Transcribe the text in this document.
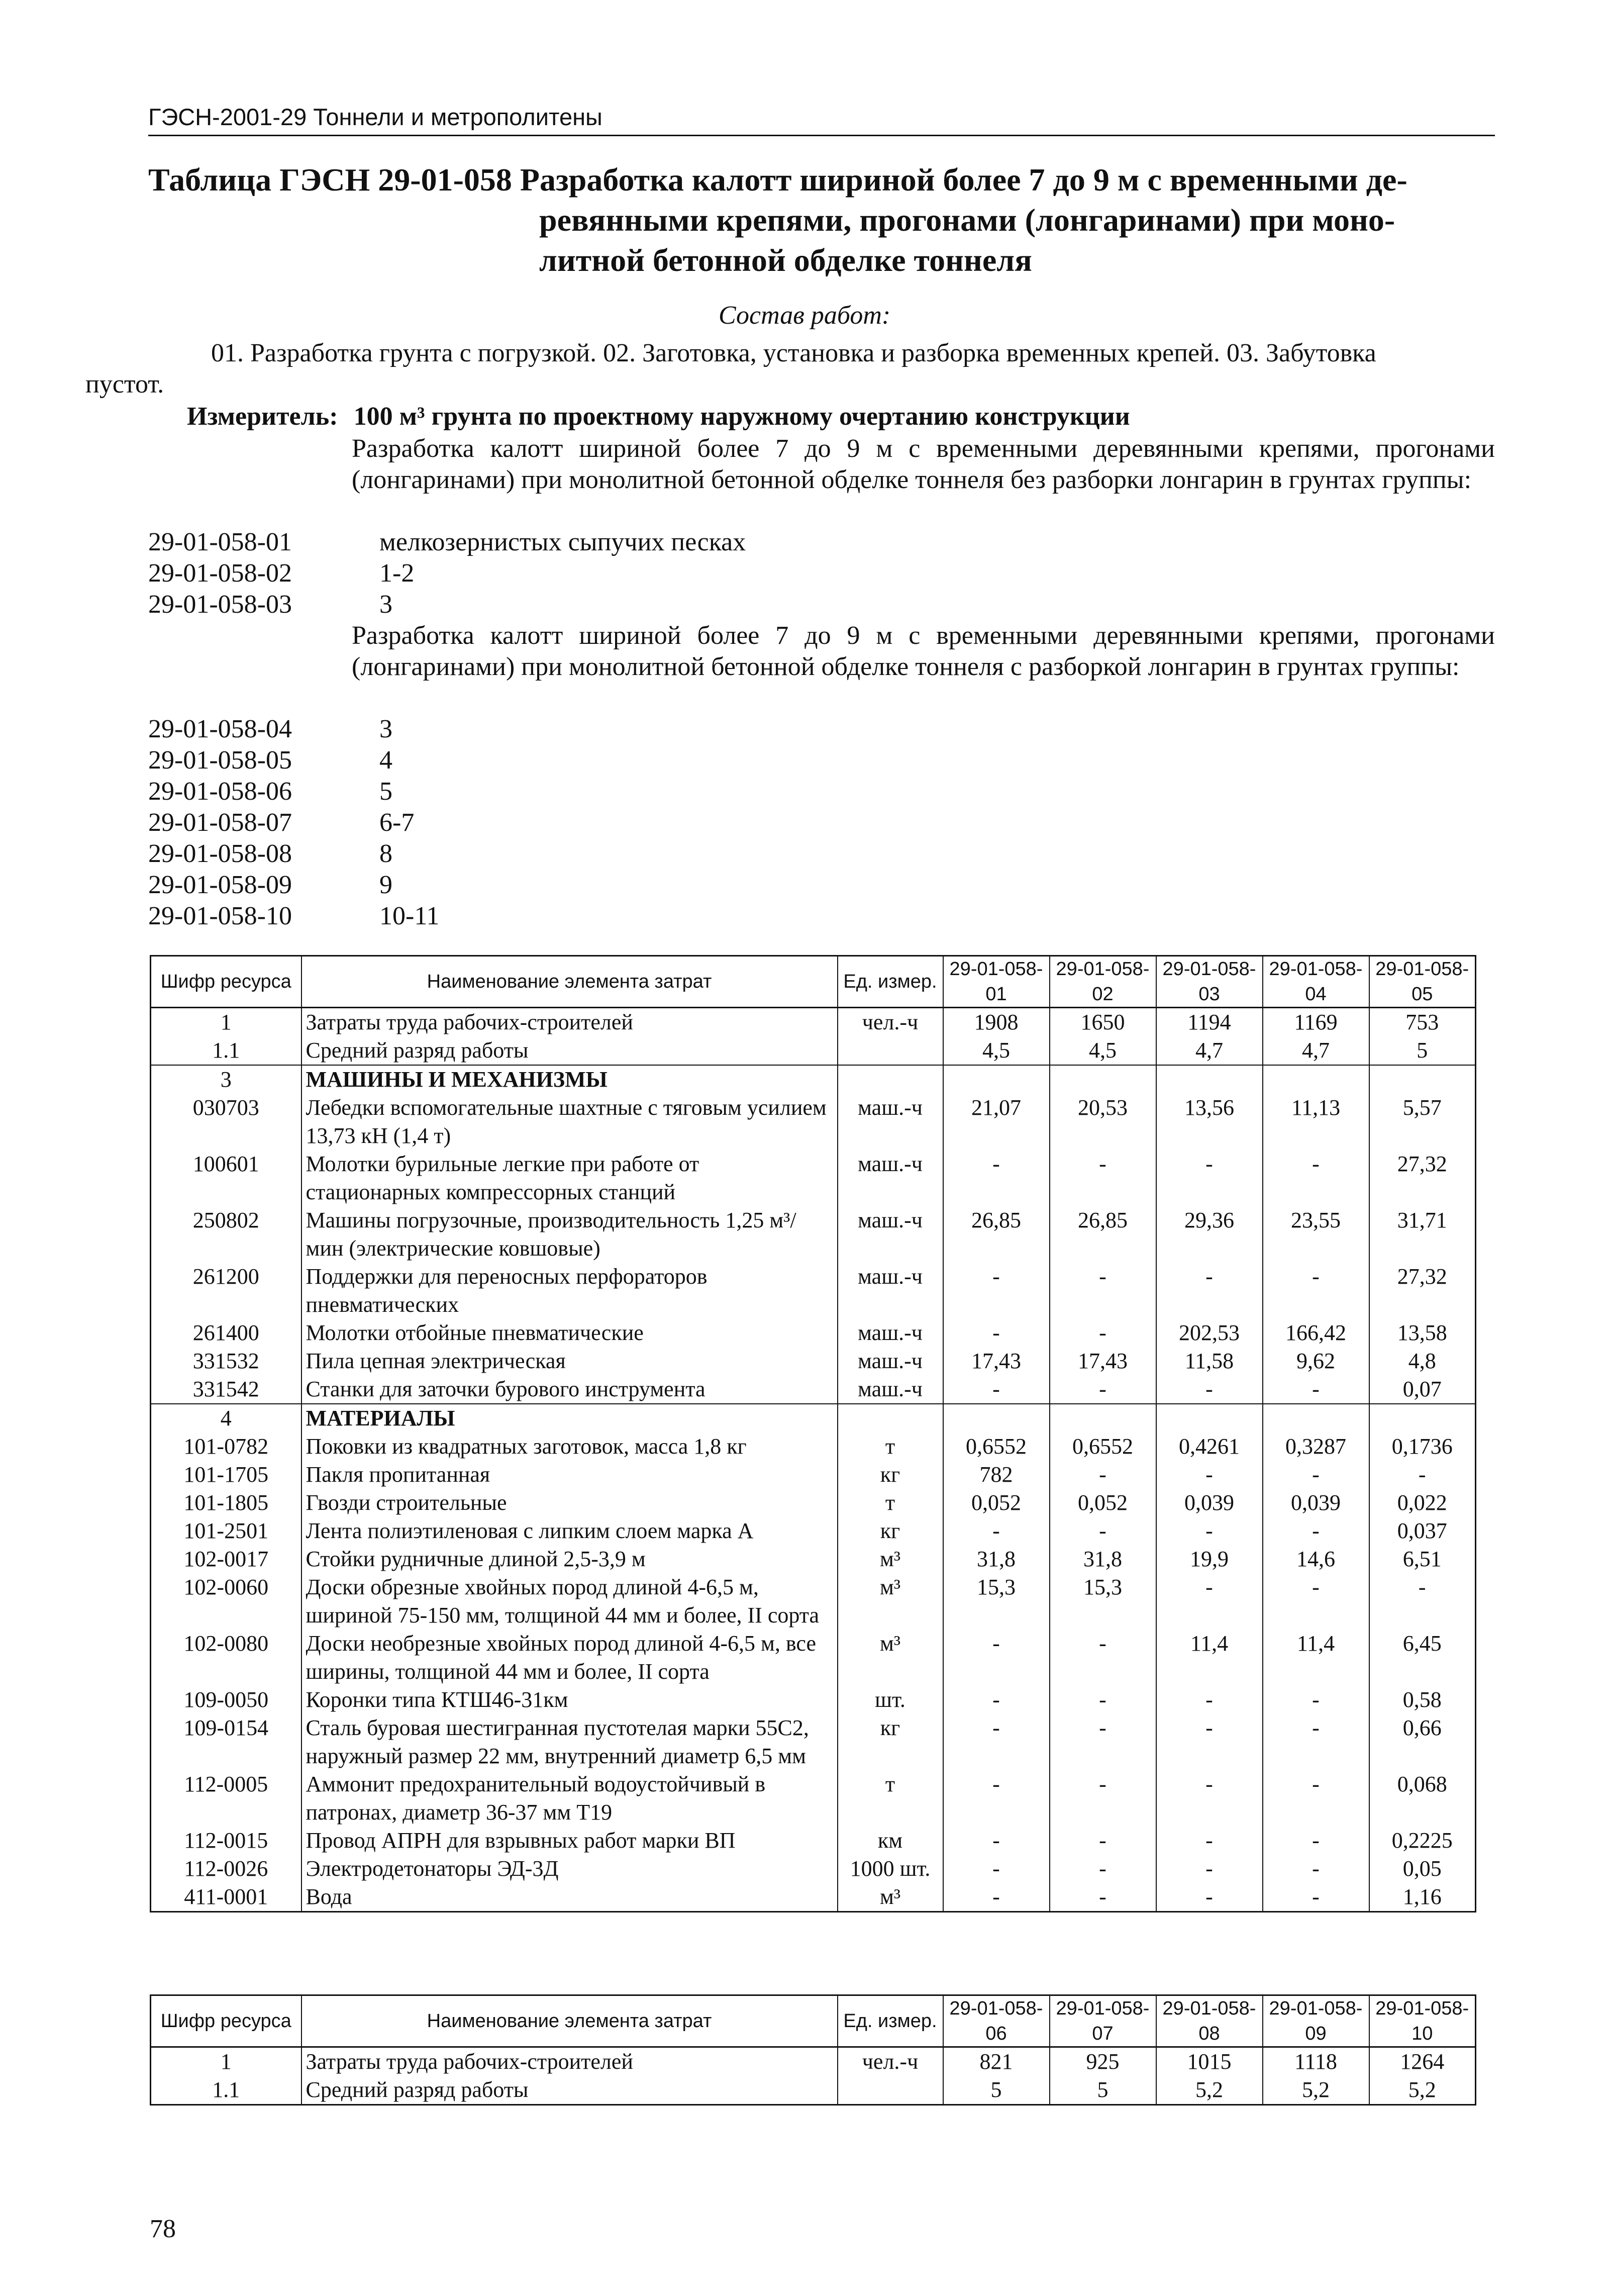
ГЭСН-2001-29 Тоннели и метрополитены
Таблица ГЭСН 29-01-058 Разработка калотт шириной более 7 до 9 м с временными де-
ревянными крепями, прогонами (лонгаринами) при моно-
литной бетонной обделке тоннеля
Состав работ:
01. Разработка грунта с погрузкой. 02. Заготовка, установка и разборка временных крепей. 03. Забутовка
пустот.
Измеритель: 100 м³ грунта по проектному наружному очертанию конструкции
Разработка калотт шириной более 7 до 9 м с временными деревянными крепями, прогонами (лонгаринами) при монолитной бетонной обделке тоннеля без разборки лонгарин в грунтах группы:
29-01-058-01	мелкозернистых сыпучих песках
29-01-058-02	1-2
29-01-058-03	3
Разработка калотт шириной более 7 до 9 м с временными деревянными крепями, прогонами (лонгаринами) при монолитной бетонной обделке тоннеля с разборкой лонгарин в грунтах группы:
29-01-058-04	3
29-01-058-05	4
29-01-058-06	5
29-01-058-07	6-7
29-01-058-08	8
29-01-058-09	9
29-01-058-10	10-11
Шифр ресурса	Наименование элемента затрат	Ед. измер.	29-01-058-01	29-01-058-02	29-01-058-03	29-01-058-04	29-01-058-05
1	Затраты труда рабочих-строителей	чел.-ч	1908	1650	1194	1169	753
1.1	Средний разряд работы		4,5	4,5	4,7	4,7	5
3	МАШИНЫ И МЕХАНИЗМЫ						
030703	Лебедки вспомогательные шахтные с тяговым усилием 13,73 кН (1,4 т)	маш.-ч	21,07	20,53	13,56	11,13	5,57
100601	Молотки бурильные легкие при работе от стационарных компрессорных станций	маш.-ч	-	-	-	-	27,32
250802	Машины погрузочные, производительность 1,25 м³/мин (электрические ковшовые)	маш.-ч	26,85	26,85	29,36	23,55	31,71
261200	Поддержки для переносных перфораторов пневматических	маш.-ч	-	-	-	-	27,32
261400	Молотки отбойные пневматические	маш.-ч	-	-	202,53	166,42	13,58
331532	Пила цепная электрическая	маш.-ч	17,43	17,43	11,58	9,62	4,8
331542	Станки для заточки бурового инструмента	маш.-ч	-	-	-	-	0,07
4	МАТЕРИАЛЫ						
101-0782	Поковки из квадратных заготовок, масса 1,8 кг	т	0,6552	0,6552	0,4261	0,3287	0,1736
101-1705	Пакля пропитанная	кг	782	-	-	-	-
101-1805	Гвозди строительные	т	0,052	0,052	0,039	0,039	0,022
101-2501	Лента полиэтиленовая с липким слоем марка А	кг	-	-	-	-	0,037
102-0017	Стойки рудничные длиной 2,5-3,9 м	м³	31,8	31,8	19,9	14,6	6,51
102-0060	Доски обрезные хвойных пород длиной 4-6,5 м, шириной 75-150 мм, толщиной 44 мм и более, II сорта	м³	15,3	15,3	-	-	-
102-0080	Доски необрезные хвойных пород длиной 4-6,5 м, все ширины, толщиной 44 мм и более, II сорта	м³	-	-	11,4	11,4	6,45
109-0050	Коронки типа КТШ46-31км	шт.	-	-	-	-	0,58
109-0154	Сталь буровая шестигранная пустотелая марки 55С2, наружный размер 22 мм, внутренний диаметр 6,5 мм	кг	-	-	-	-	0,66
112-0005	Аммонит предохранительный водоустойчивый в патронах, диаметр 36-37 мм Т19	т	-	-	-	-	0,068
112-0015	Провод АПРН для взрывных работ марки ВП	км	-	-	-	-	0,2225
112-0026	Электродетонаторы ЭД-3Д	1000 шт.	-	-	-	-	0,05
411-0001	Вода	м³	-	-	-	-	1,16
Шифр ресурса	Наименование элемента затрат	Ед. измер.	29-01-058-06	29-01-058-07	29-01-058-08	29-01-058-09	29-01-058-10
1	Затраты труда рабочих-строителей	чел.-ч	821	925	1015	1118	1264
1.1	Средний разряд работы		5	5	5,2	5,2	5,2
78
